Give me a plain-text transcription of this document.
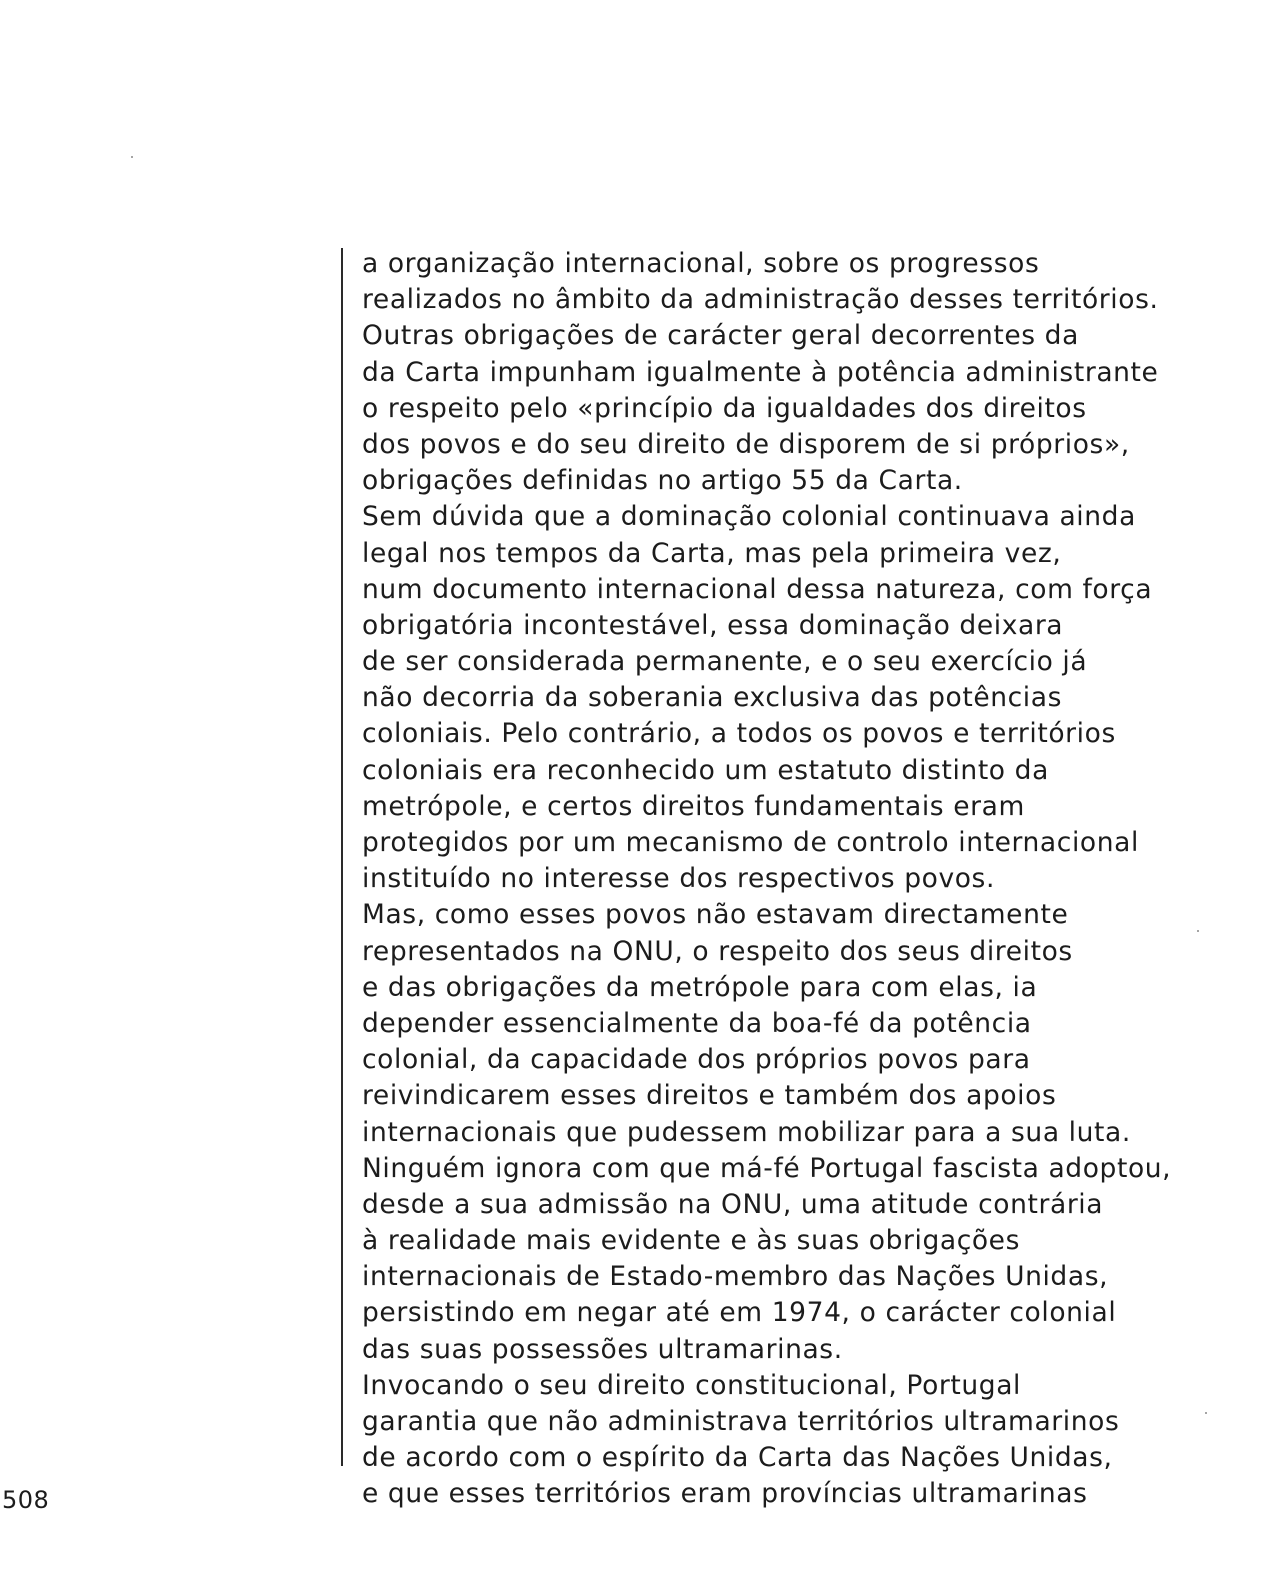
a organização internacional, sobre os progressos
realizados no âmbito da administração desses territórios.
Outras obrigações de carácter geral decorrentes da
da Carta impunham igualmente à potência administrante
o respeito pelo «princípio da igualdades dos direitos
dos povos e do seu direito de disporem de si próprios»,
obrigações definidas no artigo 55 da Carta.
Sem dúvida que a dominação colonial continuava ainda
legal nos tempos da Carta, mas pela primeira vez,
num documento internacional dessa natureza, com força
obrigatória incontestável, essa dominação deixara
de ser considerada permanente, e o seu exercício já
não decorria da soberania exclusiva das potências
coloniais. Pelo contrário, a todos os povos e territórios
coloniais era reconhecido um estatuto distinto da
metrópole, e certos direitos fundamentais eram
protegidos por um mecanismo de controlo internacional
instituído no interesse dos respectivos povos.
Mas, como esses povos não estavam directamente
representados na ONU, o respeito dos seus direitos
e das obrigações da metrópole para com elas, ia
depender essencialmente da boa-fé da potência
colonial, da capacidade dos próprios povos para
reivindicarem esses direitos e também dos apoios
internacionais que pudessem mobilizar para a sua luta.
Ninguém ignora com que má-fé Portugal fascista adoptou,
desde a sua admissão na ONU, uma atitude contrária
à realidade mais evidente e às suas obrigações
internacionais de Estado-membro das Nações Unidas,
persistindo em negar até em 1974, o carácter colonial
das suas possessões ultramarinas.
Invocando o seu direito constitucional, Portugal
garantia que não administrava territórios ultramarinos
de acordo com o espírito da Carta das Nações Unidas,
e que esses territórios eram províncias ultramarinas
508
